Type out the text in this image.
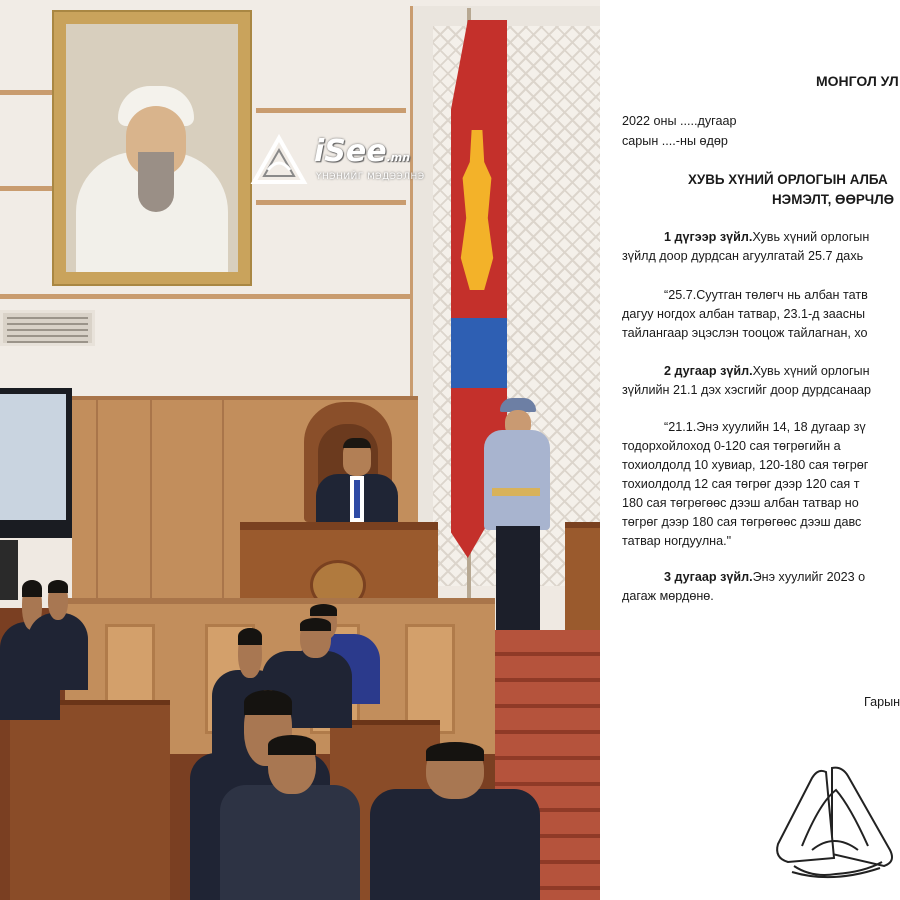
iSee.mn
ҮНЭНИЙГ МЭДЭЭЛНЭ
МОНГОЛ УЛ
2022 оны .....дугаар
сарын ....-ны өдөр
ХУВЬ ХҮНИЙ ОРЛОГЫН АЛБА
НЭМЭЛТ, ӨӨРЧЛӨ
1 дүгээр зүйл.Хувь хүний орлогын
зүйлд доор дурдсан агуулгатай 25.7 дахь
“25.7.Суутган төлөгч нь албан татв
дагуу ногдох албан татвар, 23.1-д заасны
тайлангаар эцэслэн тооцож тайлагнан, хо
2 дугаар зүйл.Хувь хүний орлогын
зүйлийн 21.1 дэх хэсгийг доор дурдсанаар
“21.1.Энэ хуулийн 14, 18 дугаар зү
тодорхойлоход 0-120 сая төгрөгийн а
тохиолдолд 10 хувиар, 120-180 сая төгрөг
тохиолдолд 12 сая төгрөг дээр 120 сая т
180 сая төгрөгөөс дээш албан татвар но
төгрөг дээр 180 сая төгрөгөөс дээш давс
татвар ногдуулна."
3 дугаар зүйл.Энэ хуулийг 2023 о
дагаж мөрдөнө.
Гарын
